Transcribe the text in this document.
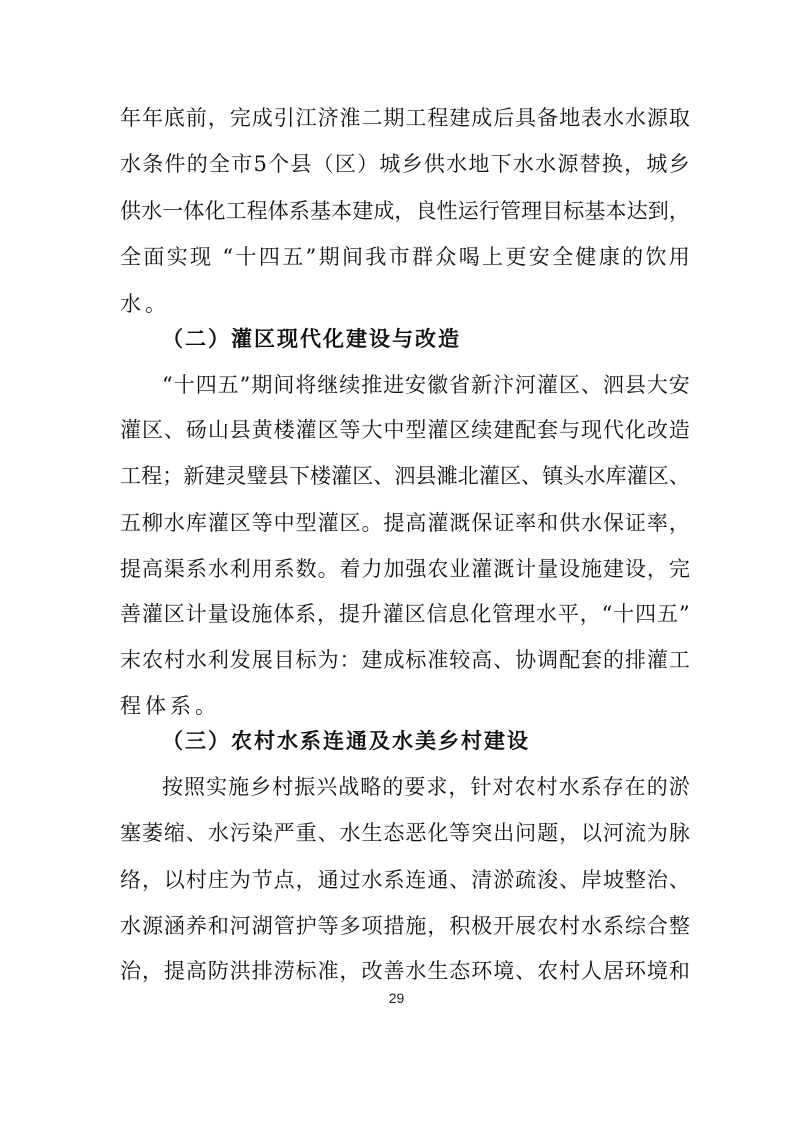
年 年 底 前 ， 完 成 引 江 济 淮 二 期 工 程 建 成 后 具 备 地 表 水 水 源 取
水 条 件 的 全 市 5 个 县 （ 区 ） 城 乡 供 水 地 下 水 水 源 替 换 ， 城 乡
供 水 一 体 化 工 程 体 系 基 本 建 成 ， 良 性 运 行 管 理 目 标 基 本 达 到 ，
全 面 实 现
“ 十 四 五 ” 期 间 我 市 群 众 喝 上 更 安 全 健 康 的 饮 用
水。
（二）灌区现代化建设与改造
“ 十 四 五 ” 期 间 将 继 续 推 进 安 徽 省 新 汴 河 灌 区 、 泗 县 大 安
灌 区 、 砀 山 县 黄 楼 灌 区 等 大 中 型 灌 区 续 建 配 套 与 现 代 化 改 造
工 程 ； 新 建 灵 璧 县 下 楼 灌 区 、 泗 县 濉 北 灌 区 、 镇 头 水 库 灌 区 、
五 柳 水 库 灌 区 等 中 型 灌 区 。 提 高 灌 溉 保 证 率 和 供 水 保 证 率 ，
提 高 渠 系 水 利 用 系 数 。 着 力 加 强 农 业 灌 溉 计 量 设 施 建 设 ， 完
善 灌 区 计 量 设 施 体 系 ， 提 升 灌 区 信 息 化 管 理 水 平 ， “ 十 四 五 ”
末 农 村 水 利 发 展 目 标 为 ： 建 成 标 准 较 高 、 协 调 配 套 的 排 灌 工
程体系。
（三）农村水系连通及水美乡村建设
按 照 实 施 乡 村 振 兴 战 略 的 要 求 ， 针 对 农 村 水 系 存 在 的 淤
塞 萎 缩 、 水 污 染 严 重 、 水 生 态 恶 化 等 突 出 问 题 ， 以 河 流 为 脉
络 ， 以 村 庄 为 节 点 ， 通 过 水 系 连 通 、 清 淤 疏 浚 、 岸 坡 整 治 、
水 源 涵 养 和 河 湖 管 护 等 多 项 措 施 ， 积 极 开 展 农 村 水 系 综 合 整
治 ， 提 高 防 洪 排 涝 标 准 ， 改 善 水 生 态 环 境 、 农 村 人 居 环 境 和
29
